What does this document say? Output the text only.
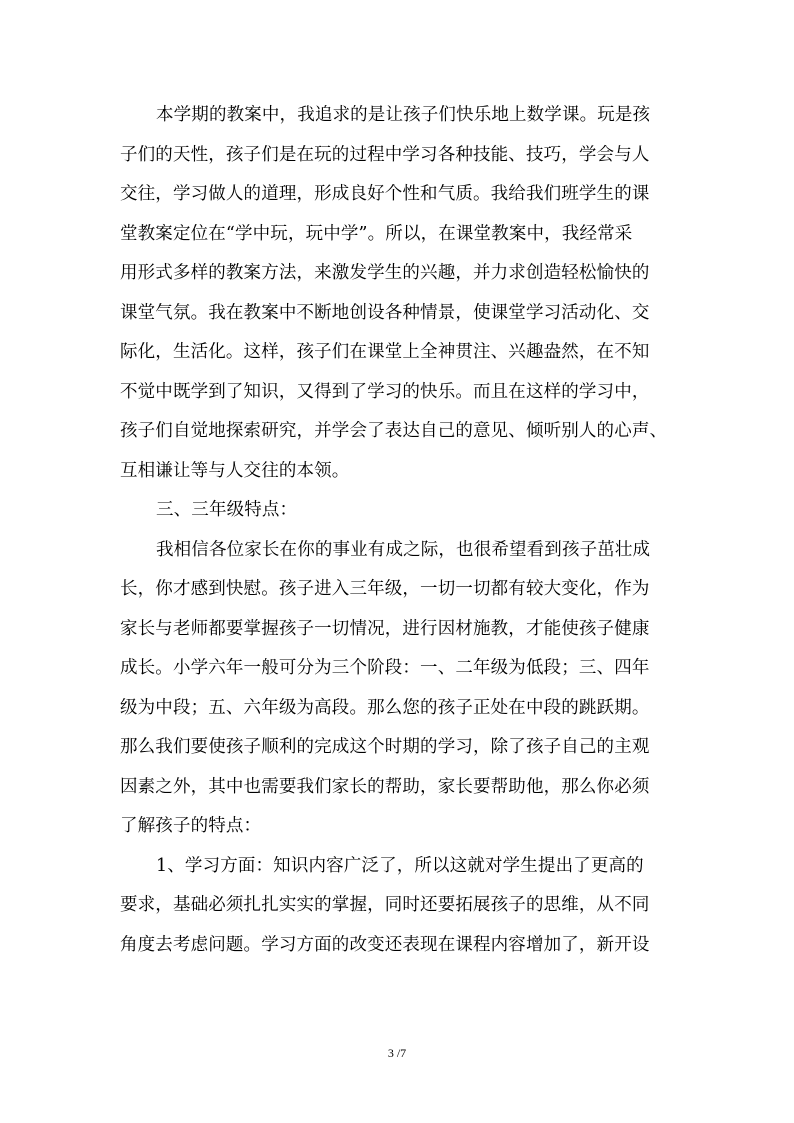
本学期的教案中，我追求的是让孩子们快乐地上数学课。玩是孩
子们的天性，孩子们是在玩的过程中学习各种技能、技巧，学会与人
交往，学习做人的道理，形成良好个性和气质。我给我们班学生的课
堂教案定位在“学中玩，玩中学”。所以，在课堂教案中，我经常采
用形式多样的教案方法，来激发学生的兴趣，并力求创造轻松愉快的
课堂气氛。我在教案中不断地创设各种情景，使课堂学习活动化、交
际化，生活化。这样，孩子们在课堂上全神贯注、兴趣盎然，在不知
不觉中既学到了知识，又得到了学习的快乐。而且在这样的学习中，
孩子们自觉地探索研究，并学会了表达自己的意见、倾听别人的心声、
互相谦让等与人交往的本领。
三、三年级特点：
我相信各位家长在你的事业有成之际，也很希望看到孩子茁壮成
长，你才感到快慰。孩子进入三年级，一切一切都有较大变化，作为
家长与老师都要掌握孩子一切情况，进行因材施教，才能使孩子健康
成长。小学六年一般可分为三个阶段：一、二年级为低段；三、四年
级为中段；五、六年级为高段。那么您的孩子正处在中段的跳跃期。
那么我们要使孩子顺利的完成这个时期的学习，除了孩子自己的主观
因素之外，其中也需要我们家长的帮助，家长要帮助他，那么你必须
了解孩子的特点：
1、学习方面：知识内容广泛了，所以这就对学生提出了更高的
要求，基础必须扎扎实实的掌握，同时还要拓展孩子的思维，从不同
角度去考虑问题。学习方面的改变还表现在课程内容增加了，新开设
3 /7
